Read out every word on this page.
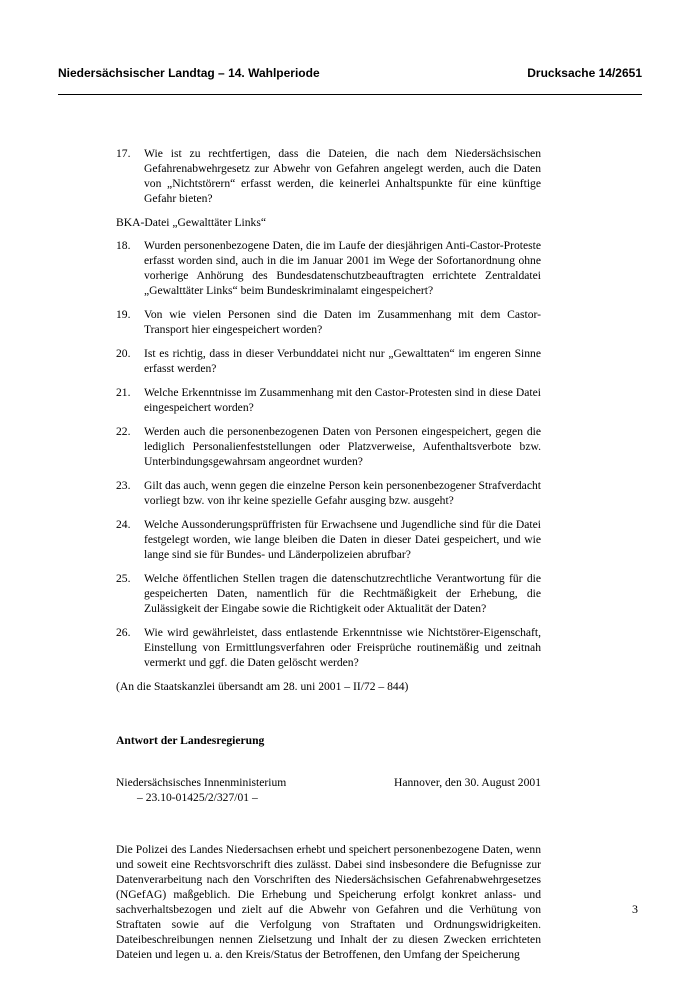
Niedersächsischer Landtag – 14. Wahlperiode	Drucksache 14/2651
17.	Wie ist zu rechtfertigen, dass die Dateien, die nach dem Niedersächsischen Gefahrenabwehrgesetz zur Abwehr von Gefahren angelegt werden, auch die Daten von „Nichtstörern“ erfasst werden, die keinerlei Anhaltspunkte für eine künftige Gefahr bieten?
BKA-Datei „Gewalttäter Links“
18.	Wurden personenbezogene Daten, die im Laufe der diesjährigen Anti-Castor-Proteste erfasst worden sind, auch in die im Januar 2001 im Wege der Sofortanordnung ohne vorherige Anhörung des Bundesdatenschutzbeauftragten errichtete Zentraldatei „Gewalttäter Links“ beim Bundeskriminalamt eingespeichert?
19.	Von wie vielen Personen sind die Daten im Zusammenhang mit dem Castor-Transport hier eingespeichert worden?
20.	Ist es richtig, dass in dieser Verbunddatei nicht nur „Gewalttaten“ im engeren Sinne erfasst werden?
21.	Welche Erkenntnisse im Zusammenhang mit den Castor-Protesten sind in diese Datei eingespeichert worden?
22.	Werden auch die personenbezogenen Daten von Personen eingespeichert, gegen die lediglich Personalienfeststellungen oder Platzverweise, Aufenthaltsverbote bzw. Unterbindungsgewahrsam angeordnet wurden?
23.	Gilt das auch, wenn gegen die einzelne Person kein personenbezogener Strafverdacht vorliegt bzw. von ihr keine spezielle Gefahr ausging bzw. ausgeht?
24.	Welche Aussonderungsprüffristen für Erwachsene und Jugendliche sind für die Datei festgelegt worden, wie lange bleiben die Daten in dieser Datei gespeichert, und wie lange sind sie für Bundes- und Länderpolizeien abrufbar?
25.	Welche öffentlichen Stellen tragen die datenschutzrechtliche Verantwortung für die gespeicherten Daten, namentlich für die Rechtmäßigkeit der Erhebung, die Zulässigkeit der Eingabe sowie die Richtigkeit oder Aktualität der Daten?
26.	Wie wird gewährleistet, dass entlastende Erkenntnisse wie Nichtstörer-Eigenschaft, Einstellung von Ermittlungsverfahren oder Freisprüche routinemäßig und zeitnah vermerkt und ggf. die Daten gelöscht werden?
(An die Staatskanzlei übersandt am 28. uni 2001 – II/72 – 844)
Antwort der Landesregierung
Niedersächsisches Innenministerium
– 23.10-01425/2/327/01 –
Hannover, den 30. August 2001
Die Polizei des Landes Niedersachsen erhebt und speichert personenbezogene Daten, wenn und soweit eine Rechtsvorschrift dies zulässt. Dabei sind insbesondere die Befugnisse zur Datenverarbeitung nach den Vorschriften des Niedersächsischen Gefahrenabwehrgesetzes (NGefAG) maßgeblich. Die Erhebung und Speicherung erfolgt konkret anlass- und sachverhaltsbezogen und zielt auf die Abwehr von Gefahren und die Verhütung von Straftaten sowie auf die Verfolgung von Straftaten und Ordnungswidrigkeiten. Dateibeschreibungen nennen Zielsetzung und Inhalt der zu diesen Zwecken errichteten Dateien und legen u. a. den Kreis/Status der Betroffenen, den Umfang der Speicherung
3
